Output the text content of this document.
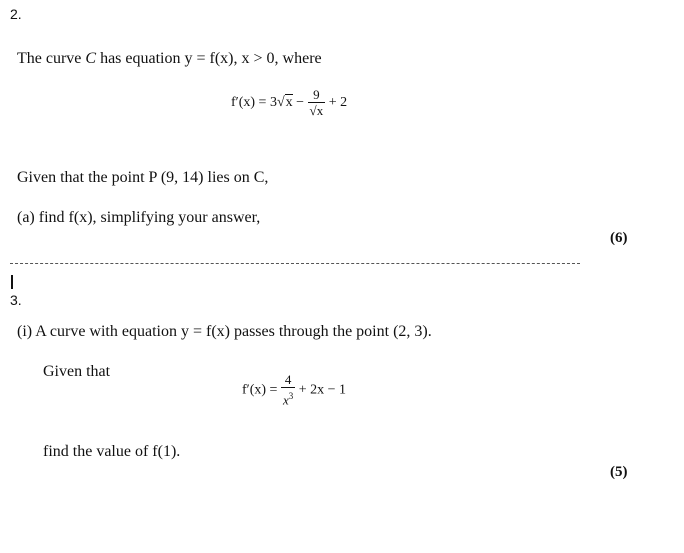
2.
The curve C has equation y = f(x), x > 0, where
$f'(x) = 3√x - \frac{9}{√x} + 2$
Given that the point P (9, 14) lies on C,
(a) find f(x), simplifying your answer,
(6)
3.
(i) A curve with equation y = f(x) passes through the point (2, 3).
Given that
$f'(x) = \frac{4}{x^3} + 2x - 1$
find the value of f(1).
(5)
